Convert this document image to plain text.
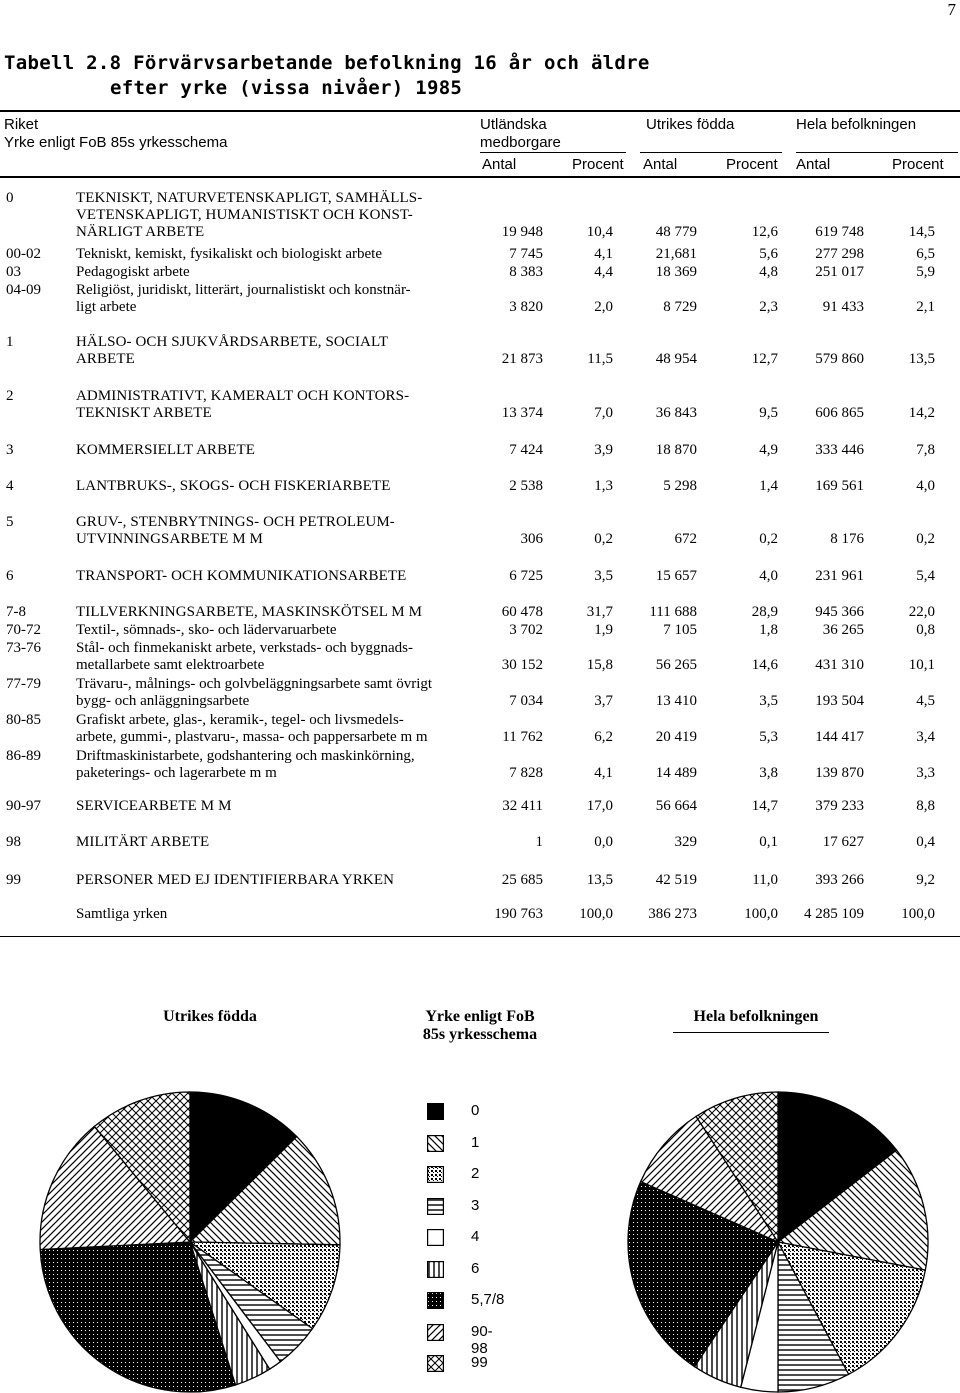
7
Tabell 2.8 Förvärvsarbetande befolkning 16 år och äldre
efter yrke (vissa nivåer) 1985
Riket
Yrke enligt FoB 85s yrkesschema
Utländska
medborgare
Utrikes födda	Hela befolkningen
Antal	Procent Antal	Procent Antal	Procent
0	TEKNISKT, NATURVETENSKAPLIGT, SAMHÄLLS-
VETENSKAPLIGT, HUMANISTISKT OCH KONST-
NÄRLIGT ARBETE	19 948	10,4	48 779	12,6	619 748	14,5
00-02 Tekniskt, kemiskt, fysikaliskt och biologiskt arbete	7 745	4,1	21,681	5,6	277 298	6,5
03	Pedagogiskt arbete	8 383	4,4	18 369	4,8	251 017	5,9
04-09 Religiöst, juridiskt, litterärt, journalistiskt och konstnär-
ligt arbete	3 820	2,0	8 729	2,3	91 433	2,1
1	HÄLSO- OCH SJUKVÅRDSARBETE, SOCIALT
ARBETE	21 873	11,5	48 954	12,7	579 860	13,5
2	ADMINISTRATIVT, KAMERALT OCH KONTORS-
TEKNISKT ARBETE	13 374	7,0	36 843	9,5	606 865	14,2
3	KOMMERSIELLT ARBETE	7 424	3,9	18 870	4,9	333 446	7,8
4	LANTBRUKS-, SKOGS- OCH FISKERIARBETE	2 538	1,3	5 298	1,4	169 561	4,0
5	GRUV-, STENBRYTNINGS- OCH PETROLEUM-
UTVINNINGSARBETE M M	306	0,2	672	0,2	8 176	0,2
6	TRANSPORT- OCH KOMMUNIKATIONSARBETE	6 725	3,5	15 657	4,0	231 961	5,4
7-8	TILLVERKNINGSARBETE, MASKINSKÖTSEL M M	60 478	31,7	111 688	28,9	945 366	22,0
70-72 Textil-, sömnads-, sko- och lädervaruarbete	3 702	1,9	7 105	1,8	36 265	0,8
73-76 Stål- och finmekaniskt arbete, verkstads- och byggnads-
metallarbete samt elektroarbete	30 152	15,8	56 265	14,6	431 310	10,1
77-79 Trävaru-, målnings- och golvbeläggningsarbete samt övrigt
bygg- och anläggningsarbete	7 034	3,7	13 410	3,5	193 504	4,5
80-85 Grafiskt arbete, glas-, keramik-, tegel- och livsmedels-
arbete, gummi-, plastvaru-, massa- och pappersarbete m m	11 762	6,2	20 419	5,3	144 417	3,4
86-89 Driftmaskinistarbete, godshantering och maskinkörning,
paketerings- och lagerarbete m m	7 828	4,1	14 489	3,8	139 870	3,3
90-97 SERVICEARBETE M M	32 411	17,0	56 664	14,7	379 233	8,8
98	MILITÄRT ARBETE	1	0,0	329	0,1	17 627	0,4
99	PERSONER MED EJ IDENTIFIERBARA YRKEN	25 685	13,5	42 519	11,0	393 266	9,2
Samtliga yrken	190 763	100,0	386 273	100,0	4 285 109	100,0
Utrikes födda	Yrke enligt FoB
85s yrkesschema
Hela befolkningen
0
1
2
3
4
6
5,7/8
90-98
99
